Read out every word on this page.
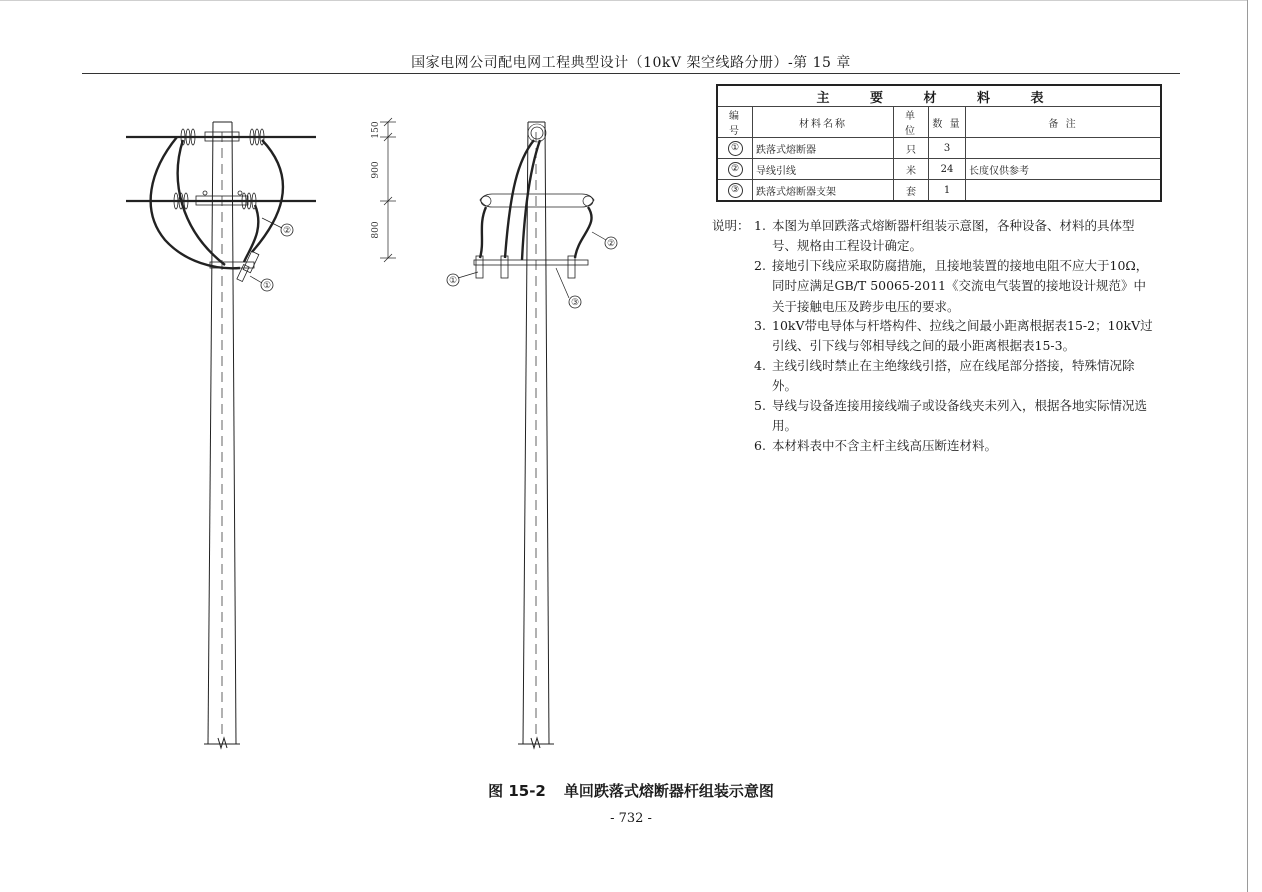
国家电网公司配电网工程典型设计（10kV 架空线路分册）-第 15 章
150
900
800
②
①	①
②
③
主 要 材 料 表				
编 号	材料名称	单 位	数 量	备 注
①	跌落式熔断器	只	3	
②	导线引线	米	24	长度仅供参考
③	跌落式熔断器支架	套	1	
说明： 1. 本图为单回跌落式熔断器杆组装示意图，各种设备、材料的具体型号、规格由工程设计确定。
2. 接地引下线应采取防腐措施，且接地装置的接地电阻不应大于10Ω，同时应满足GB/T 50065-2011《交流电气装置的接地设计规范》中关于接触电压及跨步电压的要求。
3. 10kV带电导体与杆塔构件、拉线之间最小距离根据表15-2；10kV过引线、引下线与邻相导线之间的最小距离根据表15-3。
4. 主线引线时禁止在主绝缘线引搭，应在线尾部分搭接，特殊情况除外。
5. 导线与设备连接用接线端子或设备线夹未列入，根据各地实际情况选用。
6. 本材料表中不含主杆主线高压断连材料。
图 15-2 单回跌落式熔断器杆组装示意图
- 732 -
